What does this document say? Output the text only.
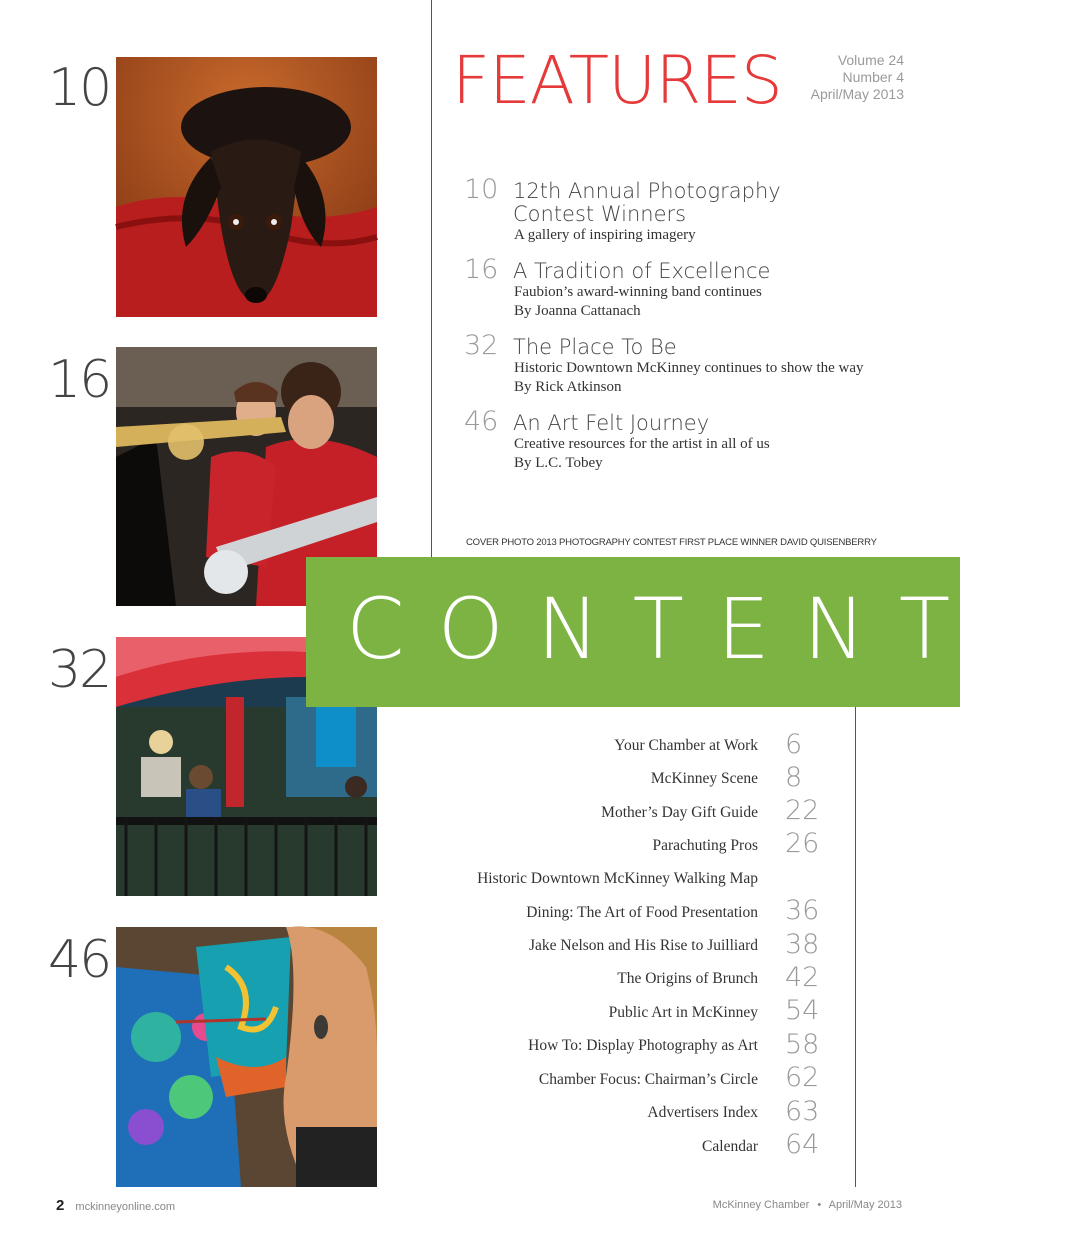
10
16
32
46
FEATURES	Volume 24
Number 4
April/May 2013
10 12th Annual Photography
Contest Winners
A gallery of inspiring imagery
16 A Tradition of Excellence
Faubion’s award-winning band continues
By Joanna Cattanach
32 The Place To Be
Historic Downtown McKinney continues to show the way
By Rick Atkinson
46 An Art Felt Journey
Creative resources for the artist in all of us
By L.C. Tobey
COVER PHOTO 2013 PHOTOGRAPHY CONTEST FIRST PLACE WINNER DAVID QUISENBERRY
CONTENTS
Your Chamber at Work 6
McKinney Scene 8
Mother’s Day Gift Guide 22
Parachuting Pros 26
Historic Downtown McKinney Walking Map
Dining: The Art of Food Presentation 36
Jake Nelson and His Rise to Juilliard 38
The Origins of Brunch 42
Public Art in McKinney 54
How To: Display Photography as Art 58
Chamber Focus: Chairman’s Circle 62
Advertisers Index 63
Calendar 64
2 mckinneyonline.com	McKinney Chamber • April/May 2013
